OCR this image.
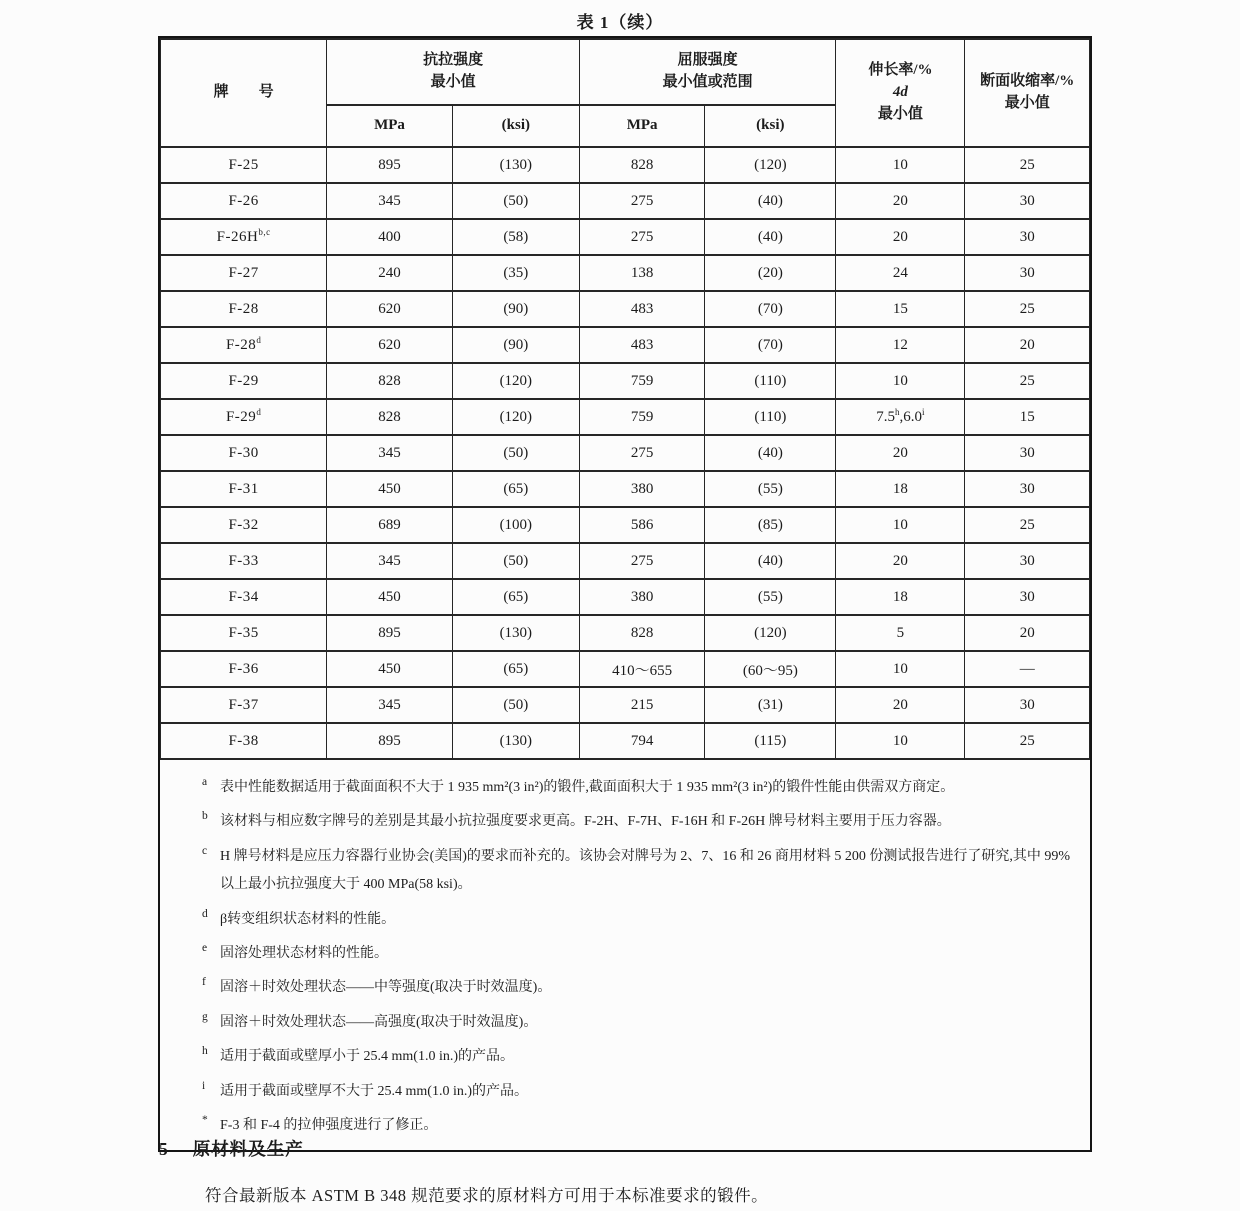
表 1（续）
牌　　号	
抗拉强度
最小值

屈服强度
最小值或范围

伸长率/%
4d
最小值

断面收缩率/%
最小值

	MPa	(ksi)	MPa	(ksi)		
F-25	895	(130)	828	(120)	10	25
F-26	345	(50)	275	(40)	20	30
$F-26H^{b,c}$	400	(58)	275	(40)	20	30
F-27	240	(35)	138	(20)	24	30
F-28	620	(90)	483	(70)	15	25
F-28$^d$	620	(90)	483	(70)	12	20
F-29	828	(120)	759	(110)	10	25
F-29$^d$	828	(120)	759	(110)	7.5$^h$,6.0$^i$	15
F-30	345	(50)	275	(40)	20	30
F-31	450	(65)	380	(55)	18	30
F-32	689	(100)	586	(85)	10	25
F-33	345	(50)	275	(40)	20	30
F-34	450	(65)	380	(55)	18	30
F-35	895	(130)	828	(120)	5	20
F-36	450	(65)	410～655	(60～95)	10	—
F-37	345	(50)	215	(31)	20	30
F-38	895	(130)	794	(115)	10	25
a 表中性能数据适用于截面面积不大于 1 935 mm²(3 in²)的锻件,截面面积大于 1 935 mm²(3 in²)的锻件性能由供需双方商定。
b 该材料与相应数字牌号的差别是其最小抗拉强度要求更高。F-2H、F-7H、F-16H 和 F-26H 牌号材料主要用于压力容器。
c H 牌号材料是应压力容器行业协会(美国)的要求而补充的。该协会对牌号为 2、7、16 和 26 商用材料 5 200 份测试报告进行了研究,其中 99%以上最小抗拉强度大于 400 MPa(58 ksi)。
d β转变组织状态材料的性能。
e 固溶处理状态材料的性能。
f 固溶＋时效处理状态——中等强度(取决于时效温度)。
g 固溶＋时效处理状态——高强度(取决于时效温度)。
h 适用于截面或壁厚小于 25.4 mm(1.0 in.)的产品。
i 适用于截面或壁厚不大于 25.4 mm(1.0 in.)的产品。
* F-3 和 F-4 的拉伸强度进行了修正。
5 原材料及生产
符合最新版本 ASTM B 348 规范要求的原材料方可用于本标准要求的锻件。
